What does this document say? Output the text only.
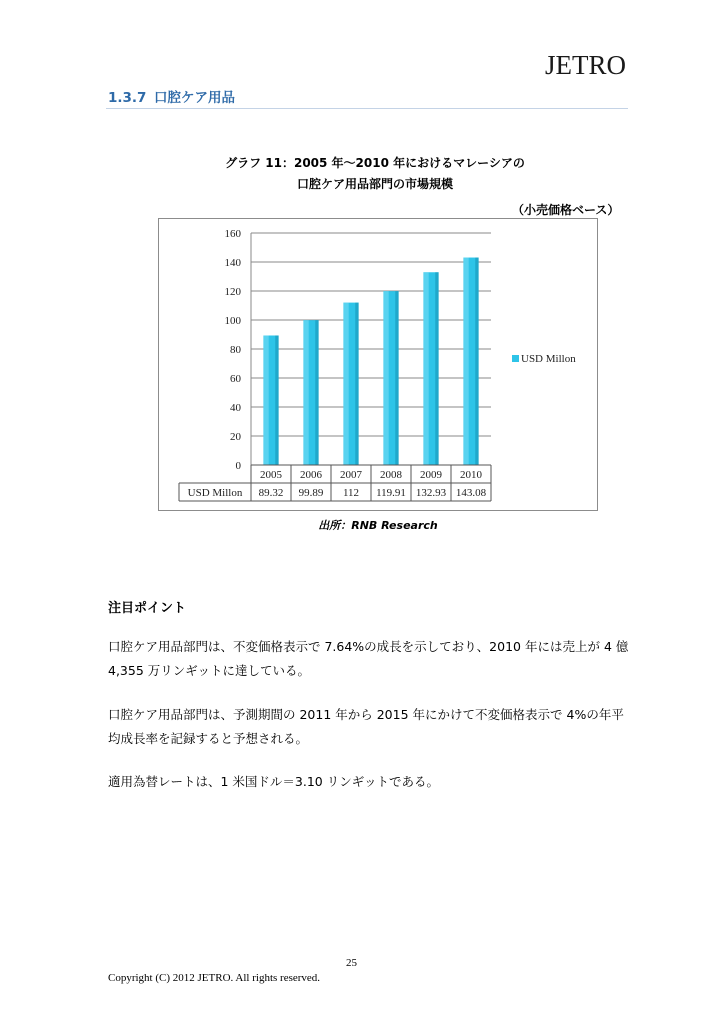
JETRO
1.3.7 口腔ケア用品
グラフ 11：2005 年～2010 年におけるマレーシアの
口腔ケア用品部門の市場規模
（小売価格ベース）
0
20
40
60
80
100
120
140
160
2005
89.32
2006
99.89
2007
112
2008
119.91
2009
132.93
2010
143.08
USD Millon
USD Millon
出所：RNB Research
注目ポイント
口腔ケア用品部門は、不変価格表示で 7.64%の成長を示しており、2010 年には売上が 4 億 4,355 万リンギットに達している。
口腔ケア用品部門は、予測期間の 2011 年から 2015 年にかけて不変価格表示で 4%の年平均成長率を記録すると予想される。
適用為替レートは、1 米国ドル＝3.10 リンギットである。
25
Copyright (C) 2012 JETRO. All rights reserved.
